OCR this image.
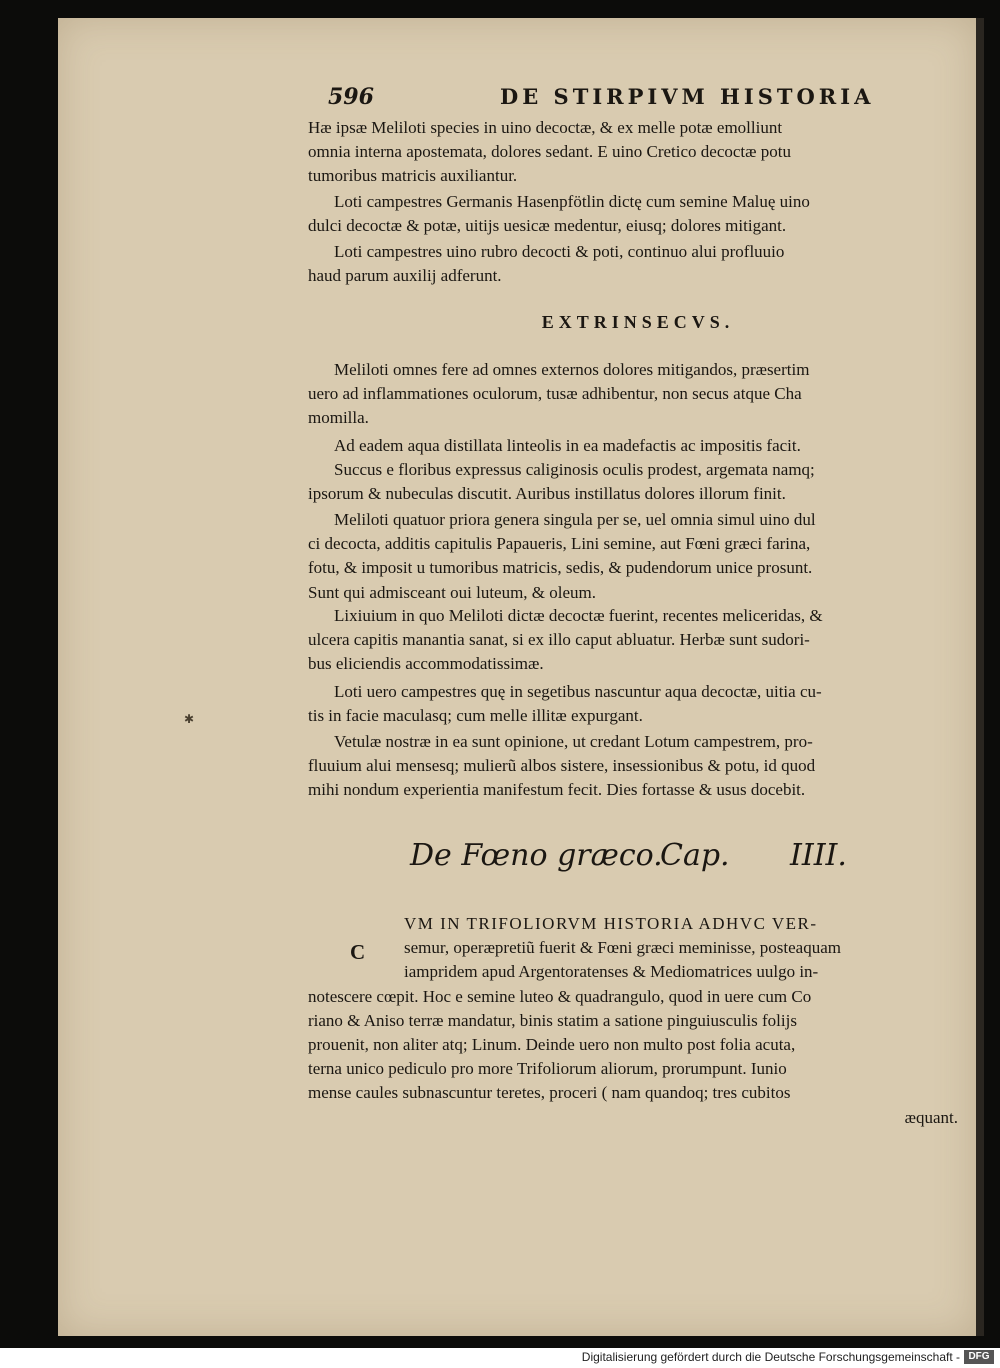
596	DE STIRPIVM HISTORIA
Hæ ipsæ Meliloti species in uino decoctæ, & ex melle potæ emolliunt
omnia interna apostemata, dolores sedant. E uino Cretico decoctæ potu
tumoribus matricis auxiliantur.
Loti campestres Germanis Hasenpfötlin dictę cum semine Maluę uino
dulci decoctæ & potæ, uitijs uesicæ medentur, eiusq; dolores mitigant.
Loti campestres uino rubro decocti & poti, continuo alui profluuio
haud parum auxilij adferunt.
EXTRINSECVS.
Meliloti omnes fere ad omnes externos dolores mitigandos, præsertim
uero ad inflammationes oculorum, tusæ adhibentur, non secus atque Cha
momilla.
Ad eadem aqua distillata linteolis in ea madefactis ac impositis facit.
Succus e floribus expressus caliginosis oculis prodest, argemata namq;
ipsorum & nubeculas discutit. Auribus instillatus dolores illorum finit.
Meliloti quatuor priora genera singula per se, uel omnia simul uino dul
ci decocta, additis capitulis Papaueris, Lini semine, aut Fœni græci farina,
fotu, & imposit u tumoribus matricis, sedis, & pudendorum unice prosunt.
Sunt qui admisceant oui luteum, & oleum.
Lixiuium in quo Meliloti dictæ decoctæ fuerint, recentes meliceridas, &
ulcera capitis manantia sanat, si ex illo caput abluatur. Herbæ sunt sudori-
bus eliciendis accommodatissimæ.
Loti uero campestres quę in segetibus nascuntur aqua decoctæ, uitia cu-
tis in facie maculasq; cum melle illitæ expurgant.
Vetulæ nostræ in ea sunt opinione, ut credant Lotum campestrem, pro-
fluuium alui mensesq; mulierũ albos sistere, insessionibus & potu, id quod
mihi nondum experientia manifestum fecit. Dies fortasse & usus docebit.
✱
De Fœno græco.
Cap. IIII.
C
VM IN TRIFOLIORVM HISTORIA ADHVC VER-
semur, operæpretiũ fuerit & Fœni græci meminisse, posteaquam
iampridem apud Argentoratenses & Mediomatrices uulgo in-
notescere cœpit. Hoc e semine luteo & quadrangulo, quod in uere cum Co
riano & Aniso terræ mandatur, binis statim a satione pinguiusculis folijs
prouenit, non aliter atq; Linum. Deinde uero non multo post folia acuta,
terna unico pediculo pro more Trifoliorum aliorum, prorumpunt. Iunio
mense caules subnascuntur teretes, proceri ( nam quandoq; tres cubitos
æquant.
Digitalisierung gefördert durch die Deutsche Forschungsgemeinschaft - DFG
